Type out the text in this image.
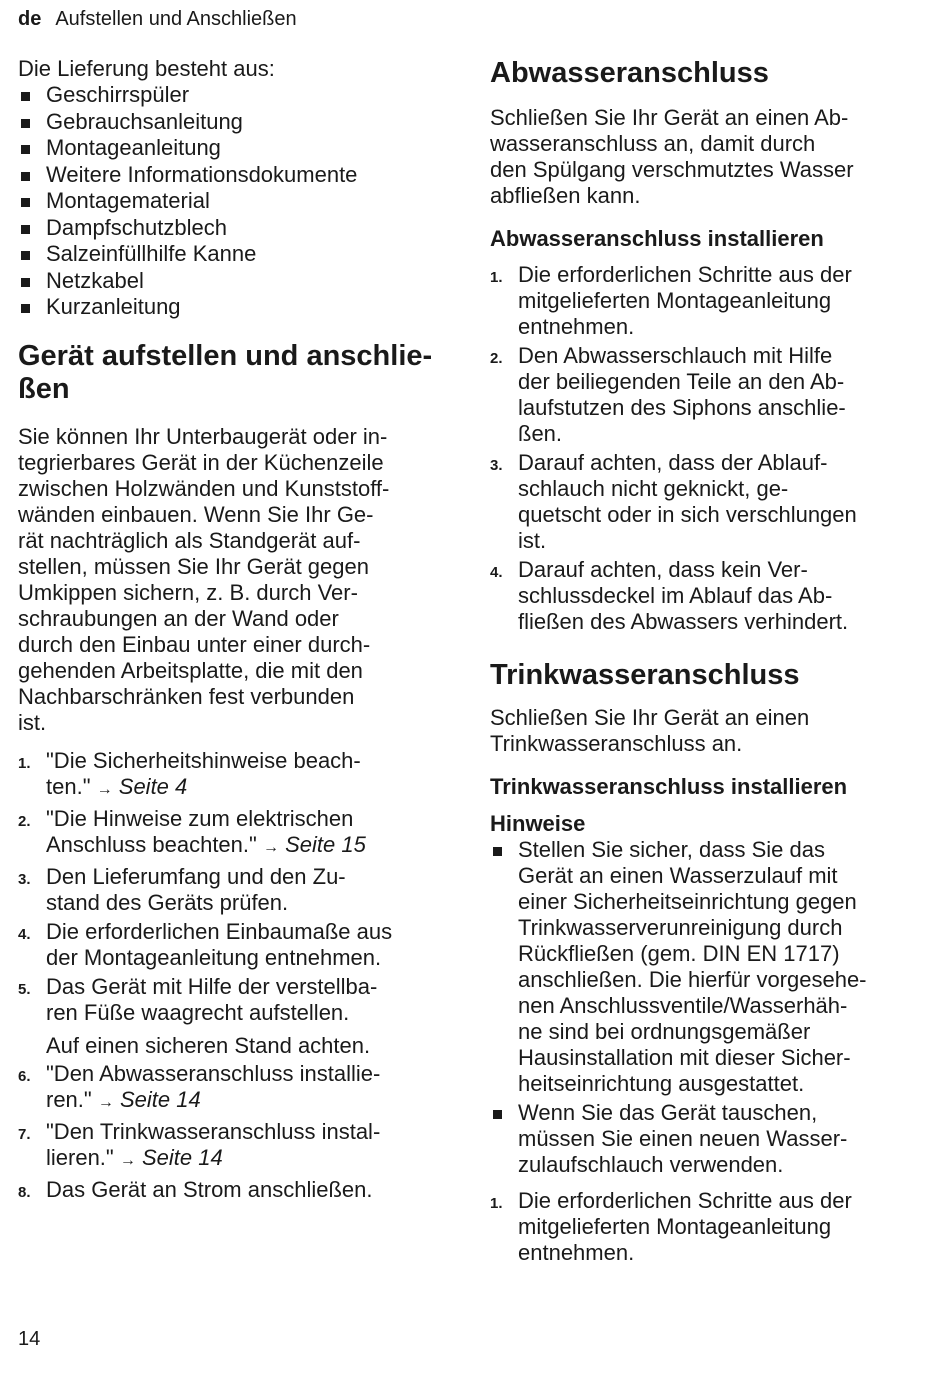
de Aufstellen und Anschließen

Die Lieferung besteht aus:

Geschirrspüler
Gebrauchsanleitung
Montageanleitung
Weitere Informationsdokumente
Montagematerial
Dampfschutzblech
Salzeinfüllhilfe Kanne
Netzkabel
Kurzanleitung
Gerät aufstellen und anschlie-
ßen

Sie können Ihr Unterbaugerät oder in-
tegrierbares Gerät in der Küchenzeile
zwischen Holzwänden und Kunststoff-
wänden einbauen. Wenn Sie Ihr Ge-
rät nachträglich als Standgerät auf-
stellen, müssen Sie Ihr Gerät gegen
Umkippen sichern, z. B. durch Ver-
schraubungen an der Wand oder
durch den Einbau unter einer durch-
gehenden Arbeitsplatte, die mit den
Nachbarschränken fest verbunden
ist.

1. "Die Sicherheitshinweise beach-
ten." → Seite 4
2. "Die Hinweise zum elektrischen
Anschluss beachten." → Seite 15
3. Den Lieferumfang und den Zu-
stand des Geräts prüfen.
4. Die erforderlichen Einbaumaße aus
der Montageanleitung entnehmen.
5. Das Gerät mit Hilfe der verstellba-
ren Füße waagrecht aufstellen.

Auf einen sicheren Stand achten.

6. "Den Abwasseranschluss installie-
ren." → Seite 14
7. "Den Trinkwasseranschluss instal-
lieren." → Seite 14
8. Das Gerät an Strom anschließen.
Abwasseranschluss

Schließen Sie Ihr Gerät an einen Ab-
wasseranschluss an, damit durch
den Spülgang verschmutztes Wasser
abfließen kann.

Abwasseranschluss installieren
1. Die erforderlichen Schritte aus der
mitgelieferten Montageanleitung
entnehmen.
2. Den Abwasserschlauch mit Hilfe
der beiliegenden Teile an den Ab-
laufstutzen des Siphons anschlie-
ßen.
3. Darauf achten, dass der Ablauf-
schlauch nicht geknickt, ge-
quetscht oder in sich verschlungen
ist.
4. Darauf achten, dass kein Ver-
schlussdeckel im Ablauf das Ab-
fließen des Abwassers verhindert.
Trinkwasseranschluss

Schließen Sie Ihr Gerät an einen
Trinkwasseranschluss an.

Trinkwasseranschluss installieren
Hinweise
Stellen Sie sicher, dass Sie das
Gerät an einen Wasserzulauf mit
einer Sicherheitseinrichtung gegen
Trinkwasserverunreinigung durch
Rückfließen (gem. DIN EN 1717)
anschließen. Die hierfür vorgesehe-
nen Anschlussventile/Wasserhäh-
ne sind bei ordnungsgemäßer
Hausinstallation mit dieser Sicher-
heitseinrichtung ausgestattet.
Wenn Sie das Gerät tauschen,
müssen Sie einen neuen Wasser-
zulaufschlauch verwenden.
1. Die erforderlichen Schritte aus der
mitgelieferten Montageanleitung
entnehmen.
14
